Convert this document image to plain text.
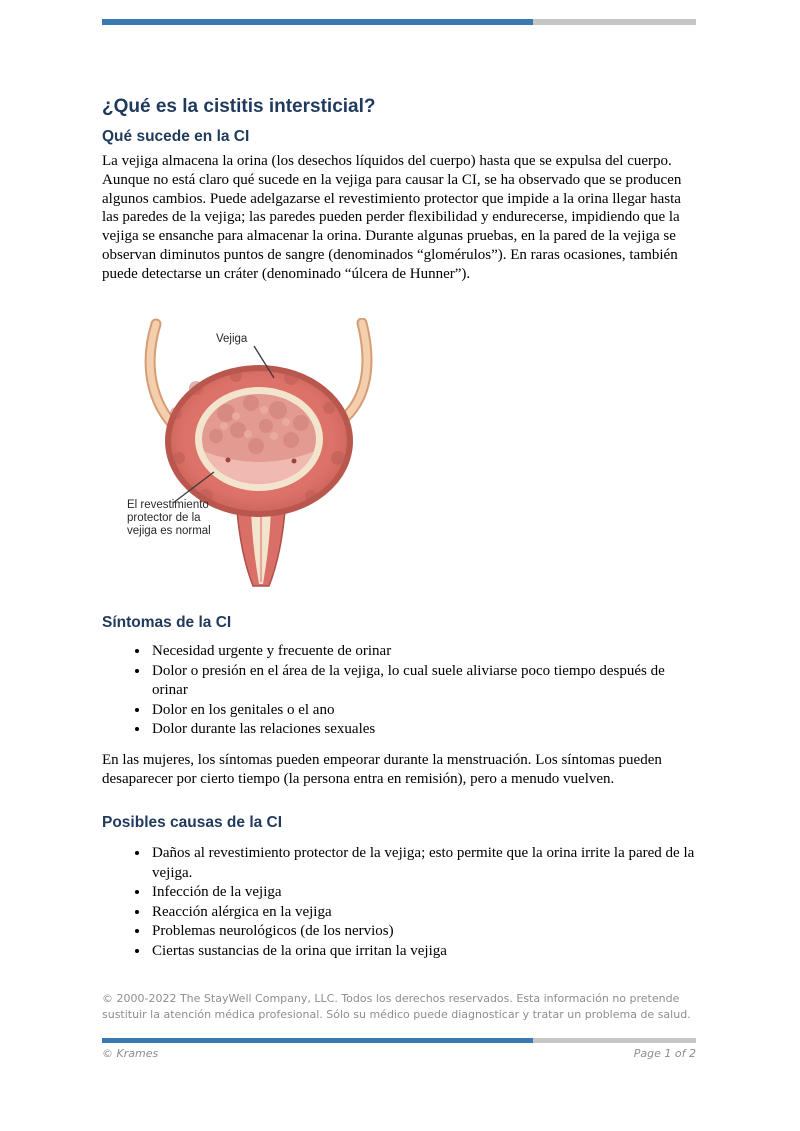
¿Qué es la cistitis intersticial?
Qué sucede en la CI

La vejiga almacena la orina (los desechos líquidos del cuerpo) hasta que se expulsa del cuerpo. Aunque no está claro qué sucede en la vejiga para causar la CI, se ha observado que se producen algunos cambios. Puede adelgazarse el revestimiento protector que impide a la orina llegar hasta las paredes de la vejiga; las paredes pueden perder flexibilidad y endurecerse, impidiendo que la vejiga se ensanche para almacenar la orina. Durante algunas pruebas, en la pared de la vejiga se observan diminutos puntos de sangre (denominados “glomérulos”). En raras ocasiones, también puede detectarse un cráter (denominado “úlcera de Hunner”).

Vejiga
El revestimiento protector de la vejiga es normal
Síntomas de la CI
• Necesidad urgente y frecuente de orinar
• Dolor o presión en el área de la vejiga, lo cual suele aliviarse poco tiempo después de orinar
• Dolor en los genitales o el ano
• Dolor durante las relaciones sexuales

En las mujeres, los síntomas pueden empeorar durante la menstruación. Los síntomas pueden desaparecer por cierto tiempo (la persona entra en remisión), pero a menudo vuelven.

Posibles causas de la CI
• Daños al revestimiento protector de la vejiga; esto permite que la orina irrite la pared de la vejiga.
• Infección de la vejiga
• Reacción alérgica en la vejiga
• Problemas neurológicos (de los nervios)
• Ciertas sustancias de la orina que irritan la vejiga

© 2000-2022 The StayWell Company, LLC. Todos los derechos reservados. Esta información no pretende sustituir la atención médica profesional. Sólo su médico puede diagnosticar y tratar un problema de salud.

© Krames	Page 1 of 2
